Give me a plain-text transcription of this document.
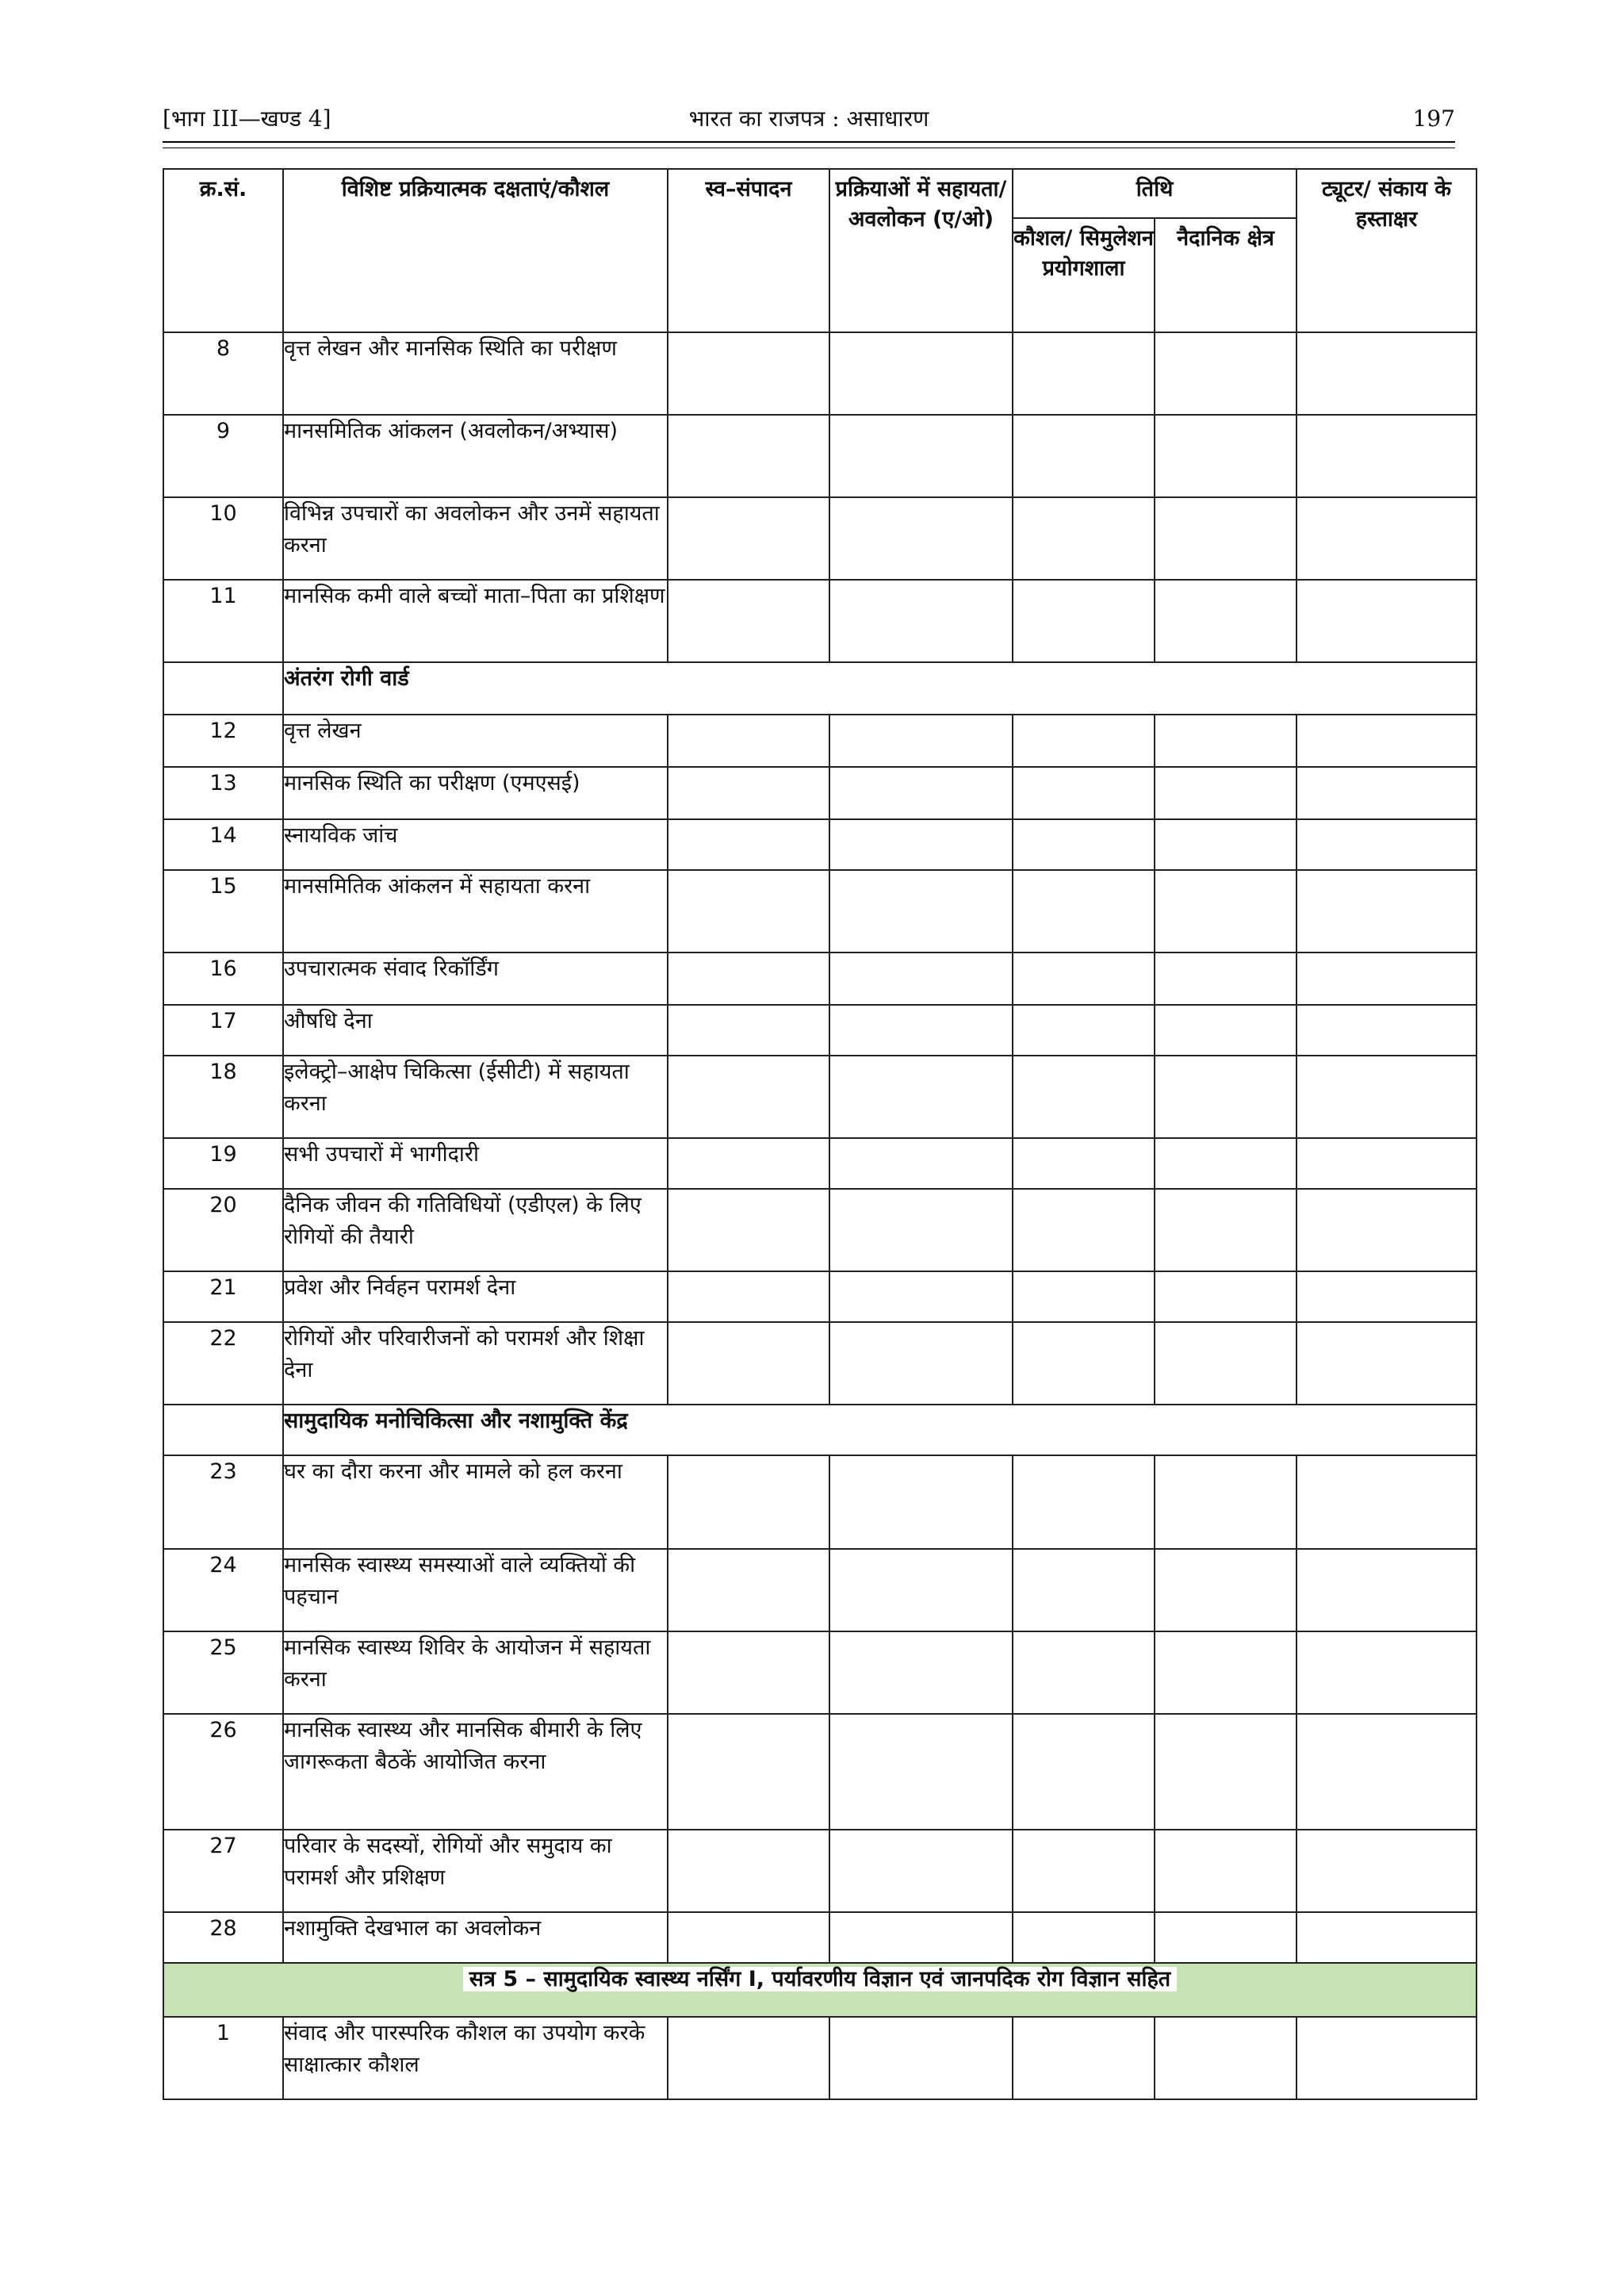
[भाग III—खण्ड 4]	भारत का राजपत्र : असाधारण	197
क्र.सं.	विशिष्ट प्रक्रियात्मक दक्षताएं/कौशल	स्व–संपादन	प्रक्रियाओं में सहायता/ अवलोकन (ए/ओ)	तिथि		ट्यूटर/ संकाय के हस्ताक्षर
				कौशल/ सिमुलेशन प्रयोगशाला	नैदानिक क्षेत्र	
8	वृत्त लेखन और मानसिक स्थिति का परीक्षण					
9	मानसमितिक आंकलन (अवलोकन/अभ्यास)					
10	विभिन्न उपचारों का अवलोकन और उनमें सहायता करना					
11	मानसिक कमी वाले बच्चों माता–पिता का प्रशिक्षण					
	अंतरंग रोगी वार्ड					
12	वृत्त लेखन					
13	मानसिक स्थिति का परीक्षण (एमएसई)					
14	स्नायविक जांच					
15	मानसमितिक आंकलन में सहायता करना					
16	उपचारात्मक संवाद रिकॉर्डिंग					
17	औषधि देना					
18	इलेक्ट्रो–आक्षेप चिकित्सा (ईसीटी) में सहायता करना					
19	सभी उपचारों में भागीदारी					
20	दैनिक जीवन की गतिविधियों (एडीएल) के लिए रोगियों की तैयारी					
21	प्रवेश और निर्वहन परामर्श देना					
22	रोगियों और परिवारीजनों को परामर्श और शिक्षा देना					
	सामुदायिक मनोचिकित्सा और नशामुक्ति केंद्र					
23	घर का दौरा करना और मामले को हल करना					
24	मानसिक स्वास्थ्य समस्याओं वाले व्यक्तियों की पहचान					
25	मानसिक स्वास्थ्य शिविर के आयोजन में सहायता करना					
26	मानसिक स्वास्थ्य और मानसिक बीमारी के लिए जागरूकता बैठकें आयोजित करना					
27	परिवार के सदस्यों, रोगियों और समुदाय का परामर्श और प्रशिक्षण					
28	नशामुक्ति देखभाल का अवलोकन					
सत्र 5 – सामुदायिक स्वास्थ्य नर्सिंग I, पर्यावरणीय विज्ञान एवं जानपदिक रोग विज्ञान सहित						
1	संवाद और पारस्परिक कौशल का उपयोग करके साक्षात्कार कौशल					
